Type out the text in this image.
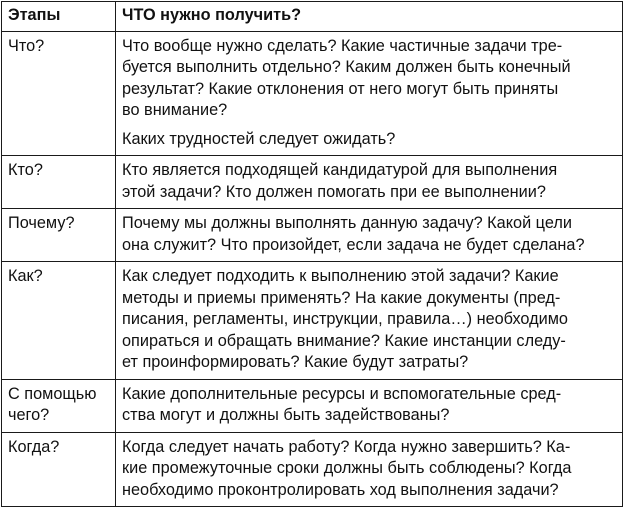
Этапы	ЧТО нужно получить?
Что?	Что вообще нужно сделать? Какие частичные задачи тре-
буется выполнить отдельно? Каким должен быть конечный
результат? Какие отклонения от него могут быть приняты
во внимание?

Каких трудностей следует ожидать?

Кто?	Кто является подходящей кандидатурой для выполнения
этой задачи? Кто должен помогать при ее выполнении?

Почему?	Почему мы должны выполнять данную задачу? Какой цели
она служит? Что произойдет, если задача не будет сделана?

Как?	Как следует подходить к выполнению этой задачи? Какие
методы и приемы применять? На какие документы (пред-
писания, регламенты, инструкции, правила…) необходимо
опираться и обращать внимание? Какие инстанции следу-
ет проинформировать? Какие будут затраты?

С помощью
чего?	Какие дополнительные ресурсы и вспомогательные сред-
ства могут и должны быть задействованы?

Когда?	Когда следует начать работу? Когда нужно завершить? Ка-
кие промежуточные сроки должны быть соблюдены? Когда
необходимо проконтролировать ход выполнения задачи?
